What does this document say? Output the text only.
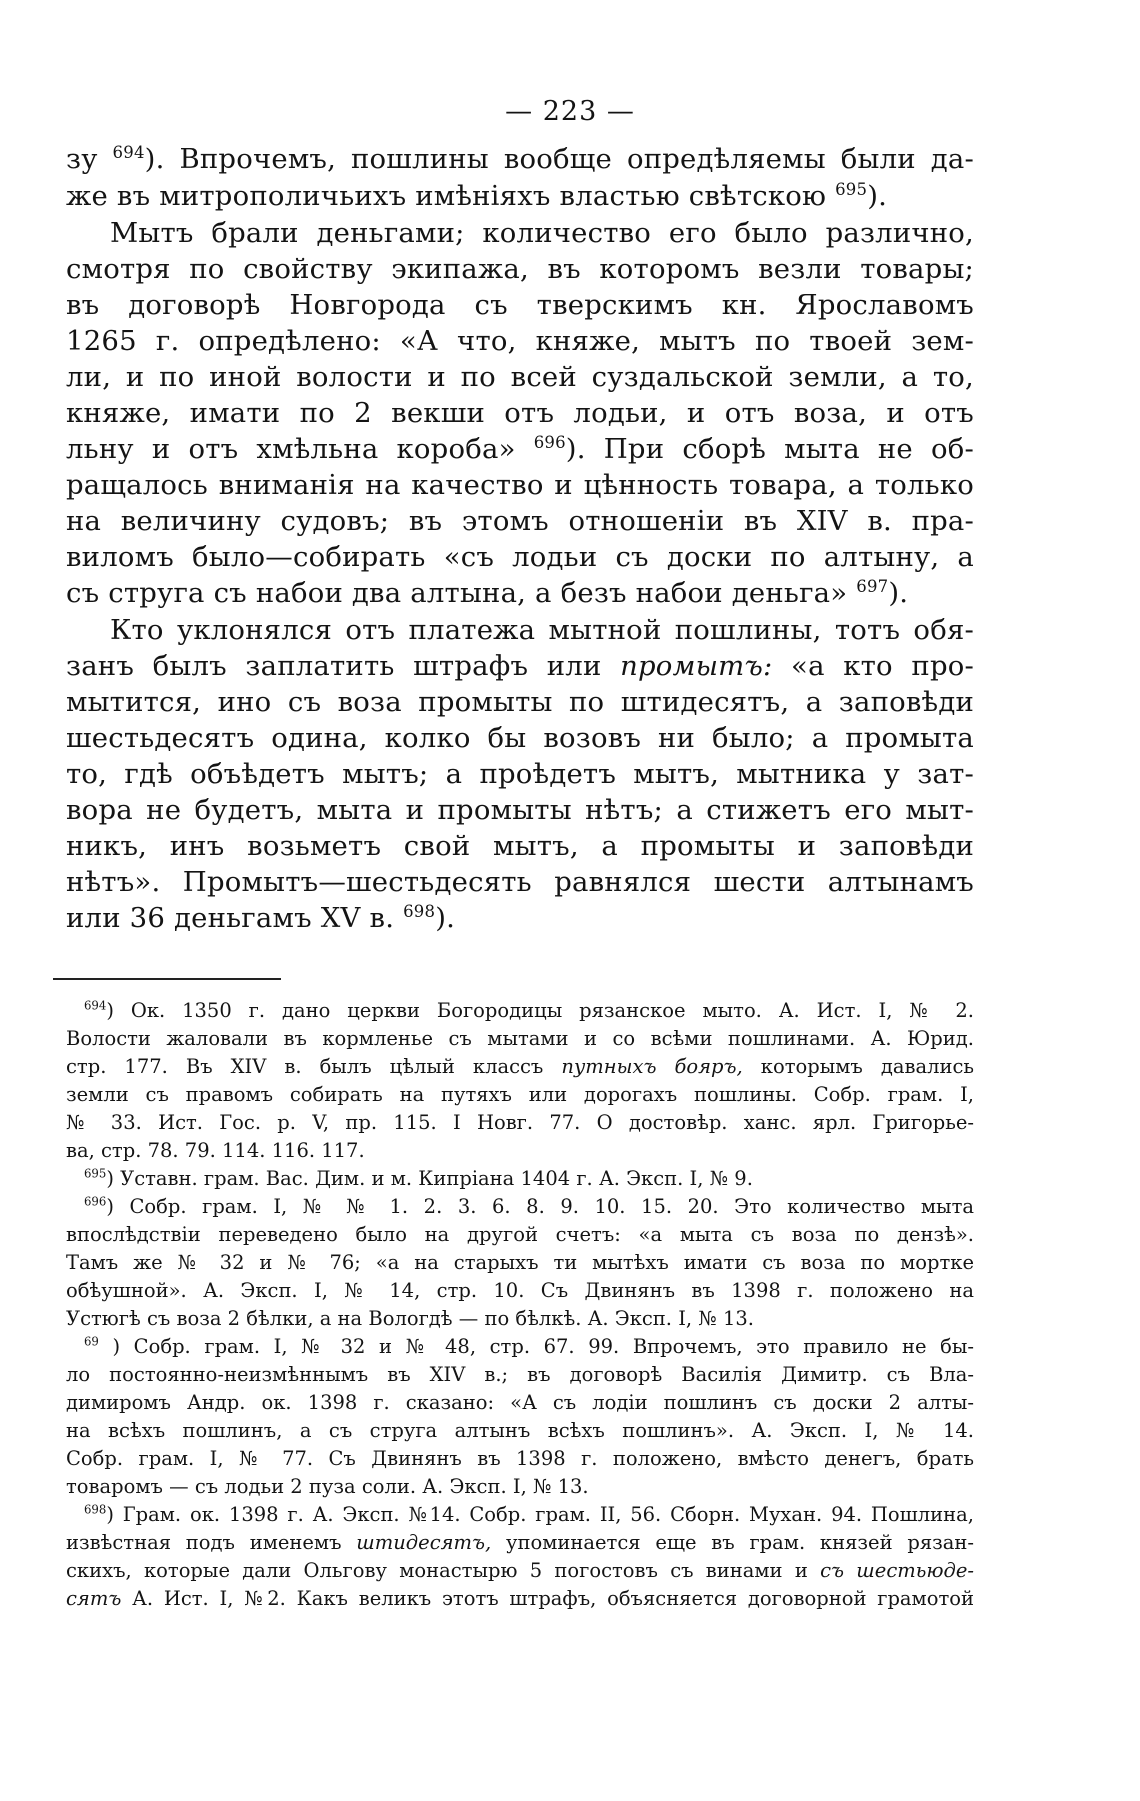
— 223 —
зу $^{694}$). Впрочемъ, пошлины вообще опредѣляемы были да-
же въ митрополичьихъ имѣніяхъ властью свѣтскою $^{695}$).
Мытъ брали деньгами; количество его было различно,
смотря по свойству экипажа, въ которомъ везли товары;
въ договорѣ Новгорода съ тверскимъ кн. Ярославомъ
1265 г. опредѣлено: «А что, княже, мытъ по твоей зем-
ли, и по иной волости и по всей суздальской земли, а то,
княже, имати по 2 векши отъ лодьи, и отъ воза, и отъ
льну и отъ хмѣльна короба» $^{696}$). При сборѣ мыта не об-
ращалось вниманія на качество и цѣнность товара, а только
на величину судовъ; въ этомъ отношеніи въ XIV в. пра-
виломъ было—собирать «съ лодьи съ доски по алтыну, а
съ струга съ набои два алтына, а безъ набои деньга» $^{697}$).
Кто уклонялся отъ платежа мытной пошлины, тотъ обя-
занъ былъ заплатить штрафъ или промытъ: «а кто про-
мытится, ино съ воза промыты по штидесятъ, а заповѣди
шестьдесятъ одина, колко бы возовъ ни было; а промыта
то, гдѣ объѣдетъ мытъ; а проѣдетъ мытъ, мытника у зат-
вора не будетъ, мыта и промыты нѣтъ; а стижетъ его мыт-
никъ, инъ возьметъ свой мытъ, а промыты и заповѣди
нѣтъ». Промытъ—шестьдесять равнялся шести алтынамъ
или 36 деньгамъ XV в. $^{698}$).
$^{694}$) Ок. 1350 г. дано церкви Богородицы рязанское мыто. А. Ист. I, № 2.
Волости жаловали въ кормленье съ мытами и со всѣми пошлинами. А. Юрид.
стр. 177. Въ XIV в. былъ цѣлый классъ путныхъ бояръ, которымъ давались
земли съ правомъ собирать на путяхъ или дорогахъ пошлины. Собр. грам. I,
№ 33. Ист. Гос. р. V, пр. 115. I Новг. 77. О достовѣр. ханс. ярл. Григорье-
ва, стр. 78. 79. 114. 116. 117.
$^{695}$) Уставн. грам. Вас. Дим. и м. Кипріана 1404 г. А. Эксп. I, № 9.
$^{696}$) Собр. грам. I, № № 1. 2. 3. 6. 8. 9. 10. 15. 20. Это количество мыта
впослѣдствіи переведено было на другой счетъ: «а мыта съ воза по дензѣ».
Тамъ же № 32 и № 76; «а на старыхъ ти мытѣхъ имати съ воза по мортке
обѣушной». А. Эксп. I, № 14, стр. 10. Съ Двинянъ въ 1398 г. положено на
Устюгѣ съ воза 2 бѣлки, а на Вологдѣ — по бѣлкѣ. А. Эксп. I, № 13.
$^{69}$ ) Собр. грам. I, № 32 и № 48, стр. 67. 99. Впрочемъ, это правило не бы-
ло постоянно-неизмѣннымъ въ XIV в.; въ договорѣ Василія Димитр. съ Вла-
димиромъ Андр. ок. 1398 г. сказано: «А съ лодіи пошлинъ съ доски 2 алты-
на всѣхъ пошлинъ, а съ струга алтынъ всѣхъ пошлинъ». А. Эксп. I, № 14.
Собр. грам. I, № 77. Съ Двинянъ въ 1398 г. положено, вмѣсто денегъ, брать
товаромъ — съ лодьи 2 пуза соли. А. Эксп. I, № 13.
$^{698}$) Грам. ок. 1398 г. А. Эксп. №14. Собр. грам. II, 56. Сборн. Мухан. 94. Пошлина,
извѣстная подъ именемъ штидесятъ, упоминается еще въ грам. князей рязан-
скихъ, которые дали Ольгову монастырю 5 погостовъ съ винами и съ шестьюде-
сятъ А. Ист. I, №2. Какъ великъ этотъ штрафъ, объясняется договорной грамотой
